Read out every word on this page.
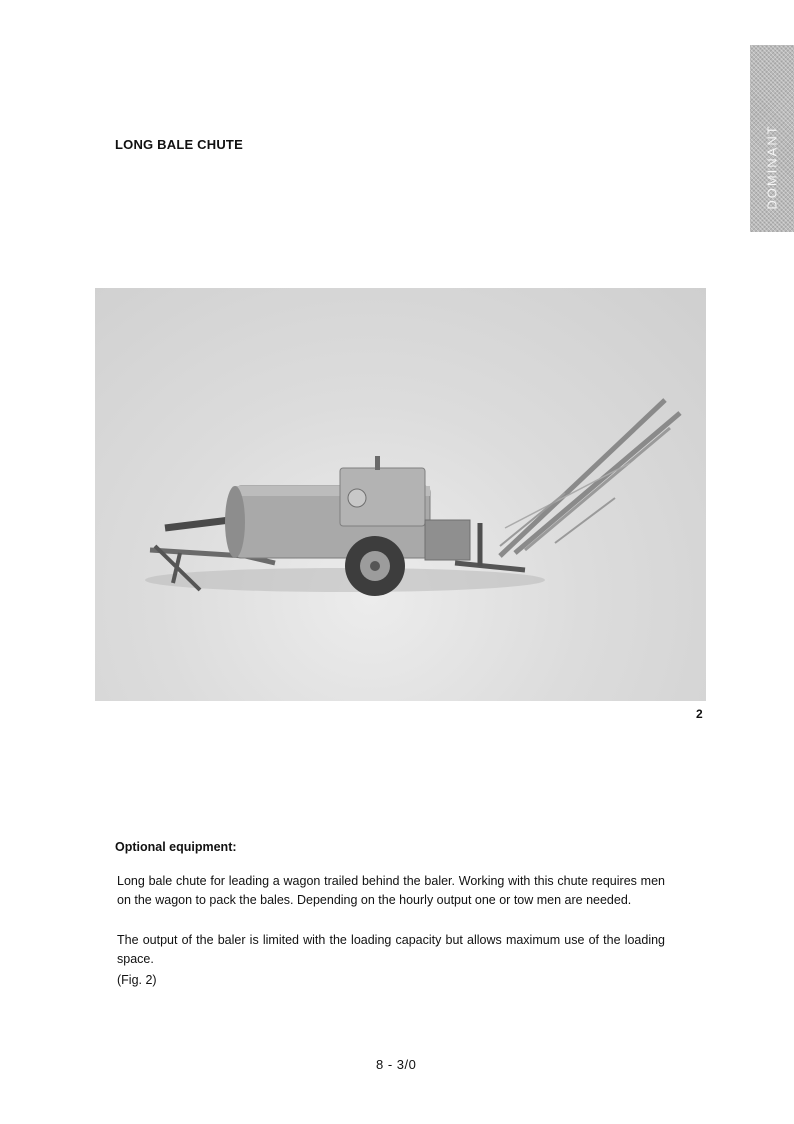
DOMINANT
LONG BALE CHUTE
2
Optional equipment:

Long bale chute for leading a wagon trailed behind the baler. Working with this chute requires men on the wagon to pack the bales. Depending on the hourly output one or tow men are needed.

The output of the baler is limited with the loading capacity but allows maximum use of the loading space.

(Fig. 2)

8 - 3/0
